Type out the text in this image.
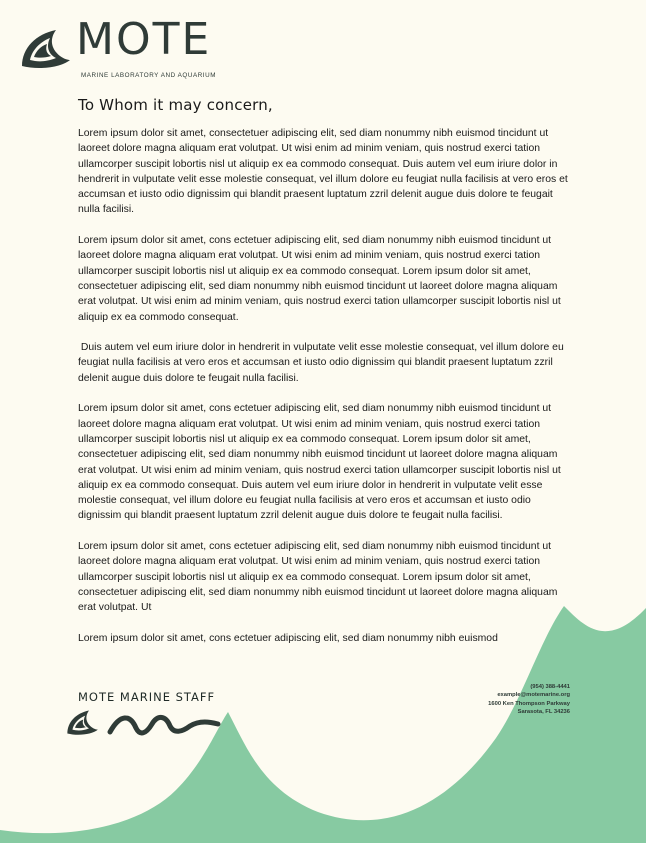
MOTE
MARINE LABORATORY AND AQUARIUM
To Whom it may concern,

Lorem ipsum dolor sit amet, consectetuer adipiscing elit, sed diam nonummy nibh euismod tincidunt ut laoreet dolore magna aliquam erat volutpat. Ut wisi enim ad minim veniam, quis nostrud exerci tation ullamcorper suscipit lobortis nisl ut aliquip ex ea commodo consequat. Duis autem vel eum iriure dolor in hendrerit in vulputate velit esse molestie consequat, vel illum dolore eu feugiat nulla facilisis at vero eros et accumsan et iusto odio dignissim qui blandit praesent luptatum zzril delenit augue duis dolore te feugait nulla facilisi.

Lorem ipsum dolor sit amet, cons ectetuer adipiscing elit, sed diam nonummy nibh euismod tincidunt ut laoreet dolore magna aliquam erat volutpat. Ut wisi enim ad minim veniam, quis nostrud exerci tation ullamcorper suscipit lobortis nisl ut aliquip ex ea commodo consequat. Lorem ipsum dolor sit amet, consectetuer adipiscing elit, sed diam nonummy nibh euismod tincidunt ut laoreet dolore magna aliquam erat volutpat. Ut wisi enim ad minim veniam, quis nostrud exerci tation ullamcorper suscipit lobortis nisl ut aliquip ex ea commodo consequat.

Duis autem vel eum iriure dolor in hendrerit in vulputate velit esse molestie consequat, vel illum dolore eu feugiat nulla facilisis at vero eros et accumsan et iusto odio dignissim qui blandit praesent luptatum zzril delenit augue duis dolore te feugait nulla facilisi.

Lorem ipsum dolor sit amet, cons ectetuer adipiscing elit, sed diam nonummy nibh euismod tincidunt ut laoreet dolore magna aliquam erat volutpat. Ut wisi enim ad minim veniam, quis nostrud exerci tation ullamcorper suscipit lobortis nisl ut aliquip ex ea commodo consequat. Lorem ipsum dolor sit amet, consectetuer adipiscing elit, sed diam nonummy nibh euismod tincidunt ut laoreet dolore magna aliquam erat volutpat. Ut wisi enim ad minim veniam, quis nostrud exerci tation ullamcorper suscipit lobortis nisl ut aliquip ex ea commodo consequat. Duis autem vel eum iriure dolor in hendrerit in vulputate velit esse molestie consequat, vel illum dolore eu feugiat nulla facilisis at vero eros et accumsan et iusto odio dignissim qui blandit praesent luptatum zzril delenit augue duis dolore te feugait nulla facilisi.

Lorem ipsum dolor sit amet, cons ectetuer adipiscing elit, sed diam nonummy nibh euismod tincidunt ut laoreet dolore magna aliquam erat volutpat. Ut wisi enim ad minim veniam, quis nostrud exerci tation ullamcorper suscipit lobortis nisl ut aliquip ex ea commodo consequat. Lorem ipsum dolor sit amet, consectetuer adipiscing elit, sed diam nonummy nibh euismod tincidunt ut laoreet dolore magna aliquam erat volutpat. Ut

Lorem ipsum dolor sit amet, cons ectetuer adipiscing elit, sed diam nonummy nibh euismod

MOTE MARINE STAFF
(954) 388-4441
example@motemarine.org
1600 Ken Thompson Parkway
Sarasota, FL 34236
